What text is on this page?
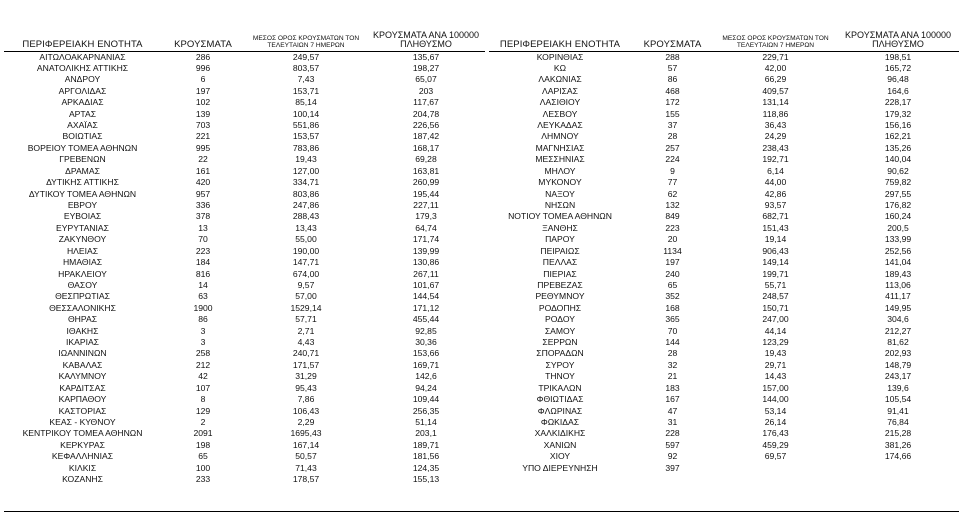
ΠΕΡΙΦΕΡΕΙΑΚΗ ΕΝΟΤΗΤΑ	ΚΡΟΥΣΜΑΤΑ	ΜΕΣΟΣ ΟΡΟΣ ΚΡΟΥΣΜΑΤΩΝ ΤΟΝ ΤΕΛΕΥΤΑΙΩΝ 7 ΗΜΕΡΩΝ	ΚΡΟΥΣΜΑΤΑ ΑΝΑ 100000 ΠΛΗΘΥΣΜΟ
ΑΙΤΩΛΟΑΚΑΡΝΑΝΙΑΣ	286	249,57	135,67
ΑΝΑΤΟΛΙΚΗΣ ΑΤΤΙΚΗΣ	996	803,57	198,27
ΑΝΔΡΟΥ	6	7,43	65,07
ΑΡΓΟΛΙΔΑΣ	197	153,71	203
ΑΡΚΑΔΙΑΣ	102	85,14	117,67
ΑΡΤΑΣ	139	100,14	204,78
ΑΧΑΪΑΣ	703	551,86	226,56
ΒΟΙΩΤΙΑΣ	221	153,57	187,42
ΒΟΡΕΙΟΥ ΤΟΜΕΑ ΑΘΗΝΩΝ	995	783,86	168,17
ΓΡΕΒΕΝΩΝ	22	19,43	69,28
ΔΡΑΜΑΣ	161	127,00	163,81
ΔΥΤΙΚΗΣ ΑΤΤΙΚΗΣ	420	334,71	260,99
ΔΥΤΙΚΟΥ ΤΟΜΕΑ ΑΘΗΝΩΝ	957	803,86	195,44
ΕΒΡΟΥ	336	247,86	227,11
ΕΥΒΟΙΑΣ	378	288,43	179,3
ΕΥΡΥΤΑΝΙΑΣ	13	13,43	64,74
ΖΑΚΥΝΘΟΥ	70	55,00	171,74
ΗΛΕΙΑΣ	223	190,00	139,99
ΗΜΑΘΙΑΣ	184	147,71	130,86
ΗΡΑΚΛΕΙΟΥ	816	674,00	267,11
ΘΑΣΟΥ	14	9,57	101,67
ΘΕΣΠΡΩΤΙΑΣ	63	57,00	144,54
ΘΕΣΣΑΛΟΝΙΚΗΣ	1900	1529,14	171,12
ΘΗΡΑΣ	86	57,71	455,44
ΙΘΑΚΗΣ	3	2,71	92,85
ΙΚΑΡΙΑΣ	3	4,43	30,36
ΙΩΑΝΝΙΝΩΝ	258	240,71	153,66
ΚΑΒΑΛΑΣ	212	171,57	169,71
ΚΑΛΥΜΝΟΥ	42	31,29	142,6
ΚΑΡΔΙΤΣΑΣ	107	95,43	94,24
ΚΑΡΠΑΘΟΥ	8	7,86	109,44
ΚΑΣΤΟΡΙΑΣ	129	106,43	256,35
ΚΕΑΣ - ΚΥΘΝΟΥ	2	2,29	51,14
ΚΕΝΤΡΙΚΟΥ ΤΟΜΕΑ ΑΘΗΝΩΝ	2091	1695,43	203,1
ΚΕΡΚΥΡΑΣ	198	167,14	189,71
ΚΕΦΑΛΛΗΝΙΑΣ	65	50,57	181,56
ΚΙΛΚΙΣ	100	71,43	124,35
ΚΟΖΑΝΗΣ	233	178,57	155,13
ΠΕΡΙΦΕΡΕΙΑΚΗ ΕΝΟΤΗΤΑ	ΚΡΟΥΣΜΑΤΑ	ΜΕΣΟΣ ΟΡΟΣ ΚΡΟΥΣΜΑΤΩΝ ΤΟΝ ΤΕΛΕΥΤΑΙΩΝ 7 ΗΜΕΡΩΝ	ΚΡΟΥΣΜΑΤΑ ΑΝΑ 100000 ΠΛΗΘΥΣΜΟ
ΚΟΡΙΝΘΙΑΣ	288	229,71	198,51
ΚΩ	57	42,00	165,72
ΛΑΚΩΝΙΑΣ	86	66,29	96,48
ΛΑΡΙΣΑΣ	468	409,57	164,6
ΛΑΣΙΘΙΟΥ	172	131,14	228,17
ΛΕΣΒΟΥ	155	118,86	179,32
ΛΕΥΚΑΔΑΣ	37	36,43	156,16
ΛΗΜΝΟΥ	28	24,29	162,21
ΜΑΓΝΗΣΙΑΣ	257	238,43	135,26
ΜΕΣΣΗΝΙΑΣ	224	192,71	140,04
ΜΗΛΟΥ	9	6,14	90,62
ΜΥΚΟΝΟΥ	77	44,00	759,82
ΝΑΞΟΥ	62	42,86	297,55
ΝΗΣΩΝ	132	93,57	176,82
ΝΟΤΙΟΥ ΤΟΜΕΑ ΑΘΗΝΩΝ	849	682,71	160,24
ΞΑΝΘΗΣ	223	151,43	200,5
ΠΑΡΟΥ	20	19,14	133,99
ΠΕΙΡΑΙΩΣ	1134	906,43	252,56
ΠΕΛΛΑΣ	197	149,14	141,04
ΠΙΕΡΙΑΣ	240	199,71	189,43
ΠΡΕΒΕΖΑΣ	65	55,71	113,06
ΡΕΘΥΜΝΟΥ	352	248,57	411,17
ΡΟΔΟΠΗΣ	168	150,71	149,95
ΡΟΔΟΥ	365	247,00	304,6
ΣΑΜΟΥ	70	44,14	212,27
ΣΕΡΡΩΝ	144	123,29	81,62
ΣΠΟΡΑΔΩΝ	28	19,43	202,93
ΣΥΡΟΥ	32	29,71	148,79
ΤΗΝΟΥ	21	14,43	243,17
ΤΡΙΚΑΛΩΝ	183	157,00	139,6
ΦΘΙΩΤΙΔΑΣ	167	144,00	105,54
ΦΛΩΡΙΝΑΣ	47	53,14	91,41
ΦΩΚΙΔΑΣ	31	26,14	76,84
ΧΑΛΚΙΔΙΚΗΣ	228	176,43	215,28
ΧΑΝΙΩΝ	597	459,29	381,26
ΧΙΟΥ	92	69,57	174,66
ΥΠΟ ΔΙΕΡΕΥΝΗΣΗ	397		
